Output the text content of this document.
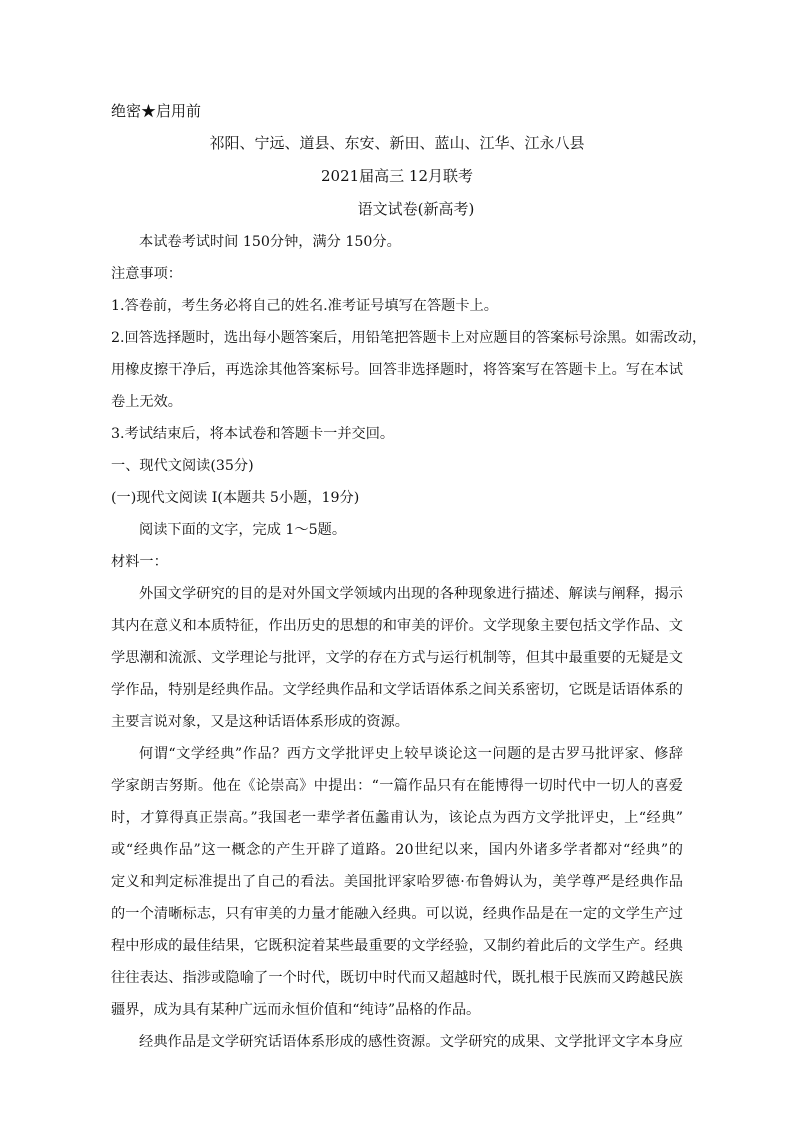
绝密★启用前
祁阳、宁远、道县、东安、新田、蓝山、江华、江永八县
2021届高三 12月联考
语文试卷(新高考)
本试卷考试时间 150分钟，满分 150分。
注意事项：
1.答卷前，考生务必将自己的姓名.准考证号填写在答题卡上。
2.回答选择题时，选出每小题答案后，用铅笔把答题卡上对应题目的答案标号涂黑。如需改动，
用橡皮擦干净后，再选涂其他答案标号。回答非选择题时，将答案写在答题卡上。写在本试
卷上无效。
3.考试结束后，将本试卷和答题卡一并交回。
一、现代文阅读(35分)
(一)现代文阅读 I(本题共 5小题，19分)
阅读下面的文字，完成 1～5题。
材料一：
外国文学研究的目的是对外国文学领域内出现的各种现象进行描述、解读与阐释，揭示
其内在意义和本质特征，作出历史的思想的和审美的评价。文学现象主要包括文学作品、文
学思潮和流派、文学理论与批评，文学的存在方式与运行机制等，但其中最重要的无疑是文
学作品，特别是经典作品。文学经典作品和文学话语体系之间关系密切，它既是话语体系的
主要言说对象，又是这种话语体系形成的资源。
何谓“文学经典”作品？西方文学批评史上较早谈论这一问题的是古罗马批评家、修辞
学家朗吉努斯。他在《论崇高》中提出：“一篇作品只有在能博得一切时代中一切人的喜爱
时，才算得真正崇高。”我国老一辈学者伍蠡甫认为，该论点为西方文学批评史，上“经典”
或“经典作品”这一概念的产生开辟了道路。20世纪以来，国内外诸多学者都对“经典”的
定义和判定标准提出了自己的看法。美国批评家哈罗德·布鲁姆认为，美学尊严是经典作品
的一个清晰标志，只有审美的力量才能融入经典。可以说，经典作品是在一定的文学生产过
程中形成的最佳结果，它既积淀着某些最重要的文学经验，又制约着此后的文学生产。经典
往往表达、指涉或隐喻了一个时代，既切中时代而又超越时代，既扎根于民族而又跨越民族
疆界，成为具有某种广远而永恒价值和“纯诗”品格的作品。
经典作品是文学研究话语体系形成的感性资源。文学研究的成果、文学批评文字本身应
